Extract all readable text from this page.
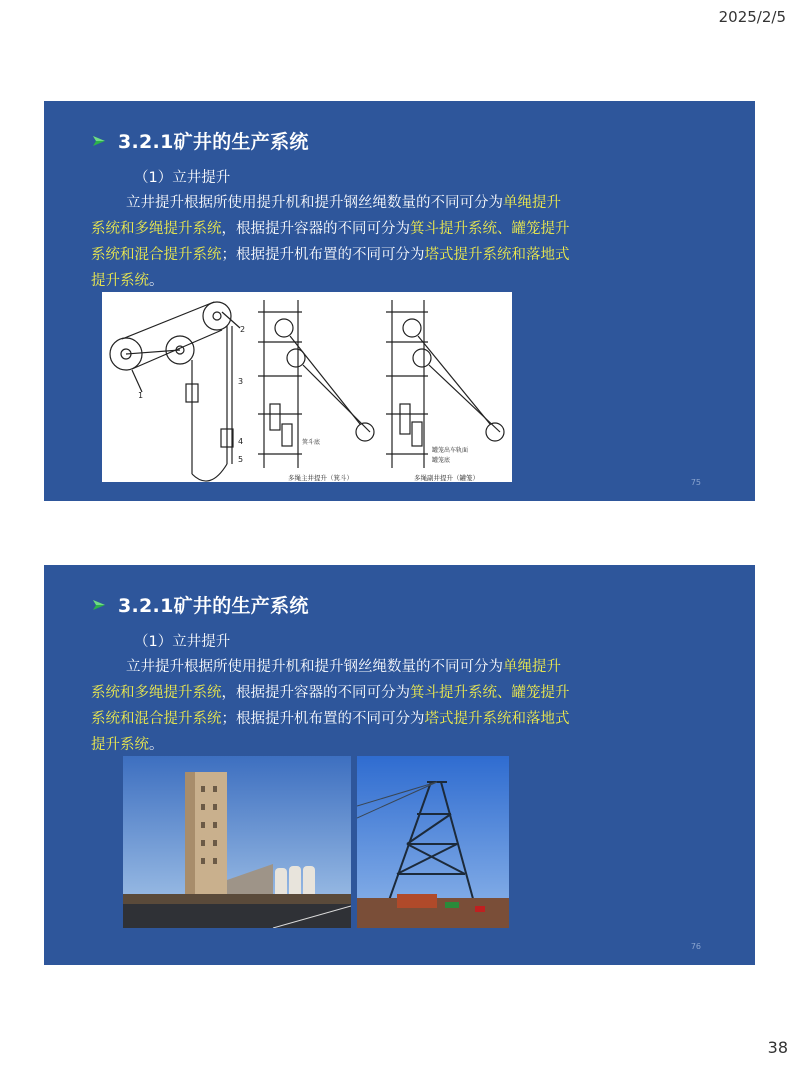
2025/2/5
3.2.1矿井的生产系统
（1）立井提升

立井提升根据所使用提升机和提升钢丝绳数量的不同可分为单绳提升系统和多绳提升系统，根据提升容器的不同可分为箕斗提升系统、罐笼提升系统和混合提升系统；根据提升机布置的不同可分为塔式提升系统和落地式提升系统。

1
2
3
4
5
箕斗底
罐笼出车轨面
罐笼底
多绳主井提升（箕斗）	多绳副井提升（罐笼）	75
3.2.1矿井的生产系统
（1）立井提升

立井提升根据所使用提升机和提升钢丝绳数量的不同可分为单绳提升系统和多绳提升系统，根据提升容器的不同可分为箕斗提升系统、罐笼提升系统和混合提升系统；根据提升机布置的不同可分为塔式提升系统和落地式提升系统。

76
38
